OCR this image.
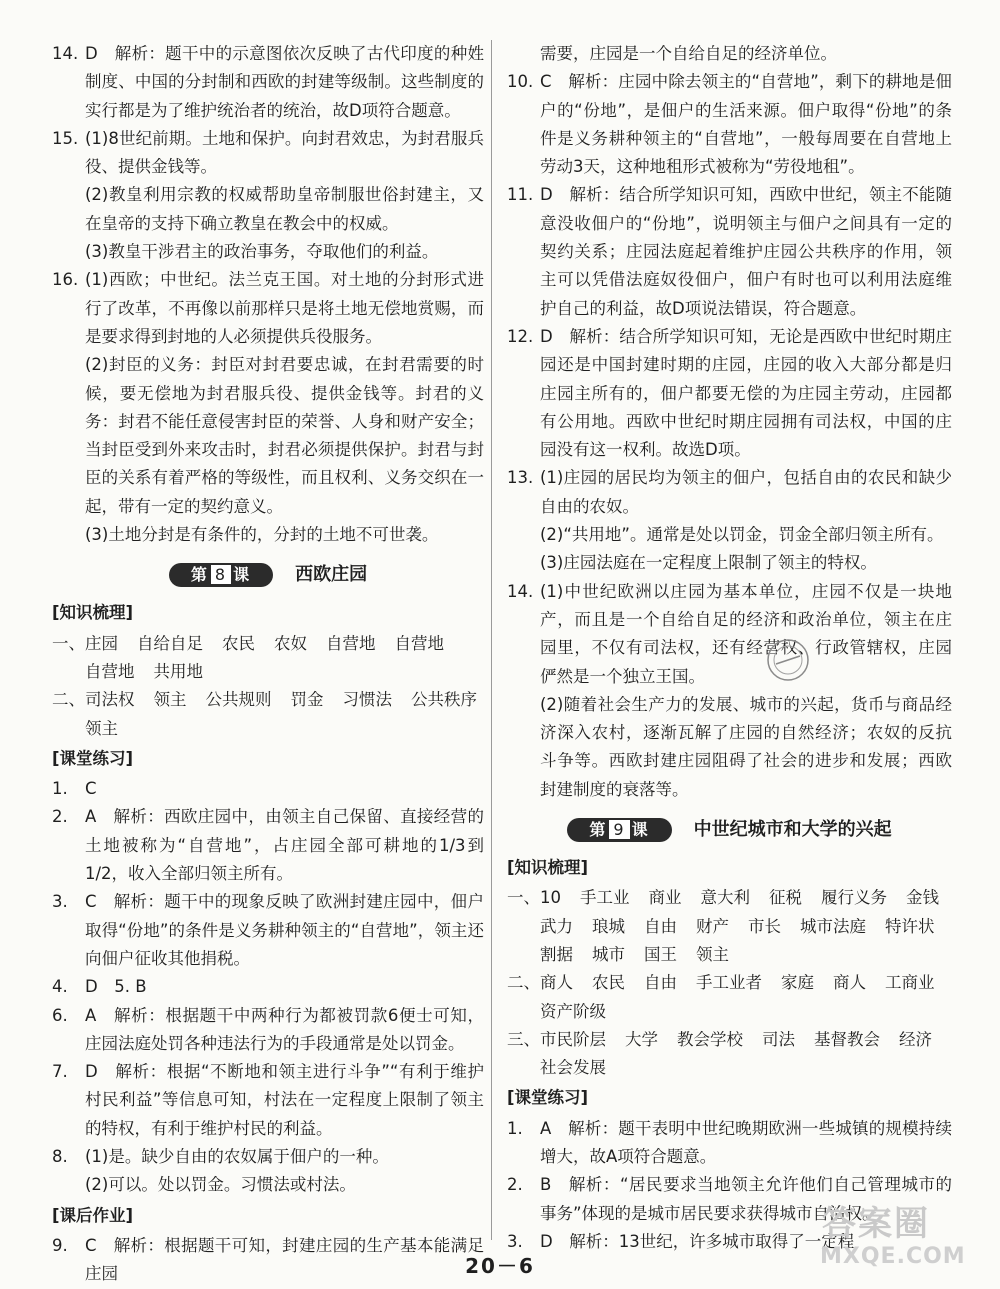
14. D　解析：题干中的示意图依次反映了古代印度的种姓制度、中国的分封制和西欧的封建等级制。这些制度的实行都是为了维护统治者的统治，故D项符合题意。
15. (1)8世纪前期。土地和保护。向封君效忠，为封君服兵役、提供金钱等。
(2)教皇利用宗教的权威帮助皇帝制服世俗封建主，又在皇帝的支持下确立教皇在教会中的权威。
(3)教皇干涉君主的政治事务，夺取他们的利益。
16. (1)西欧；中世纪。法兰克王国。对土地的分封形式进行了改革，不再像以前那样只是将土地无偿地赏赐，而是要求得到封地的人必须提供兵役服务。
(2)封臣的义务：封臣对封君要忠诚，在封君需要的时候，要无偿地为封君服兵役、提供金钱等。封君的义务：封君不能任意侵害封臣的荣誉、人身和财产安全；当封臣受到外来攻击时，封君必须提供保护。封君与封臣的关系有着严格的等级性，而且权利、义务交织在一起，带有一定的契约意义。
(3)土地分封是有条件的，分封的土地不可世袭。
第 8 课	西欧庄园
[知识梳理]
一、 庄园 自给自足 农民 农奴 自营地 自营地
自营地 共用地
二、 司法权 领主 公共规则 罚金 习惯法 公共秩序
领主
[课堂练习]
1. C
2. A　解析：西欧庄园中，由领主自己保留、直接经营的土地被称为“自营地”，占庄园全部可耕地的1/3到1/2，收入全部归领主所有。
3. C　解析：题干中的现象反映了欧洲封建庄园中，佃户取得“份地”的条件是义务耕种领主的“自营地”，领主还向佃户征收其他捐税。
4. D　5. B
6. A　解析：根据题干中两种行为都被罚款6便士可知，庄园法庭处罚各种违法行为的手段通常是处以罚金。
7. D　解析：根据“不断地和领主进行斗争”“有利于维护村民利益”等信息可知，村法在一定程度上限制了领主的特权，有利于维护村民的利益。
8. (1)是。缺少自由的农奴属于佃户的一种。
(2)可以。处以罚金。习惯法或村法。
[课后作业]
9. C　解析：根据题干可知，封建庄园的生产基本能满足庄园
需要，庄园是一个自给自足的经济单位。
10. C　解析：庄园中除去领主的“自营地”，剩下的耕地是佃户的“份地”，是佃户的生活来源。佃户取得“份地”的条件是义务耕种领主的“自营地”，一般每周要在自营地上劳动3天，这种地租形式被称为“劳役地租”。
11. D　解析：结合所学知识可知，西欧中世纪，领主不能随意没收佃户的“份地”，说明领主与佃户之间具有一定的契约关系；庄园法庭起着维护庄园公共秩序的作用，领主可以凭借法庭奴役佃户，佃户有时也可以利用法庭维护自己的利益，故D项说法错误，符合题意。
12. D　解析：结合所学知识可知，无论是西欧中世纪时期庄园还是中国封建时期的庄园，庄园的收入大部分都是归庄园主所有的，佃户都要无偿的为庄园主劳动，庄园都有公用地。西欧中世纪时期庄园拥有司法权，中国的庄园没有这一权利。故选D项。
13. (1)庄园的居民均为领主的佃户，包括自由的农民和缺少自由的农奴。
(2)“共用地”。通常是处以罚金，罚金全部归领主所有。
(3)庄园法庭在一定程度上限制了领主的特权。
14. (1)中世纪欧洲以庄园为基本单位，庄园不仅是一块地产，而且是一个自给自足的经济和政治单位，领主在庄园里，不仅有司法权，还有经营权、行政管辖权，庄园俨然是一个独立王国。
(2)随着社会生产力的发展、城市的兴起，货币与商品经济深入农村，逐渐瓦解了庄园的自然经济；农奴的反抗斗争等。西欧封建庄园阻碍了社会的进步和发展；西欧封建制度的衰落等。
第 9 课	中世纪城市和大学的兴起
[知识梳理]
一、 10 手工业 商业 意大利 征税 履行义务 金钱
武力 琅城 自由 财产 市长 城市法庭 特许状
割据 城市 国王 领主
二、 商人 农民 自由 手工业者 家庭 商人 工商业
资产阶级
三、 市民阶层 大学 教会学校 司法 基督教会 经济
社会发展
[课堂练习]
1. A　解析：题干表明中世纪晚期欧洲一些城镇的规模持续增大，故A项符合题意。
2. B　解析：“居民要求当地领主允许他们自己管理城市的事务”体现的是城市居民要求获得城市自治权。
3. D　解析：13世纪，许多城市取得了一定程
20－6
答案圈
MXQE.COM
